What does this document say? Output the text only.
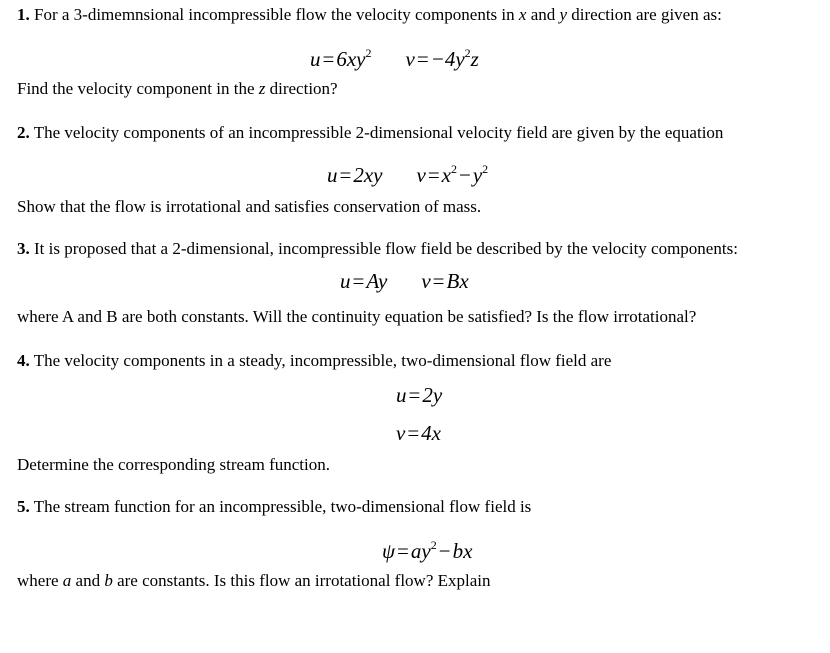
1. For a 3-dimemnsional incompressible flow the velocity components in x and y direction are given as:
$u=6xy^2$ $v=-4y^2z$
Find the velocity component in the z direction?
2. The velocity components of an incompressible 2-dimensional velocity field are given by the equation
u=2xy $v=x^2-y^2$
Show that the flow is irrotational and satisfies conservation of mass.
3. It is proposed that a 2-dimensional, incompressible flow field be described by the velocity components:
u=Ay v=Bx
where A and B are both constants. Will the continuity equation be satisfied? Is the flow irrotational?
4. The velocity components in a steady, incompressible, two-dimensional flow field are
u=2y
v=4x
Determine the corresponding stream function.
5. The stream function for an incompressible, two-dimensional flow field is
$\psi=ay^2-bx$
where a and b are constants. Is this flow an irrotational flow? Explain
